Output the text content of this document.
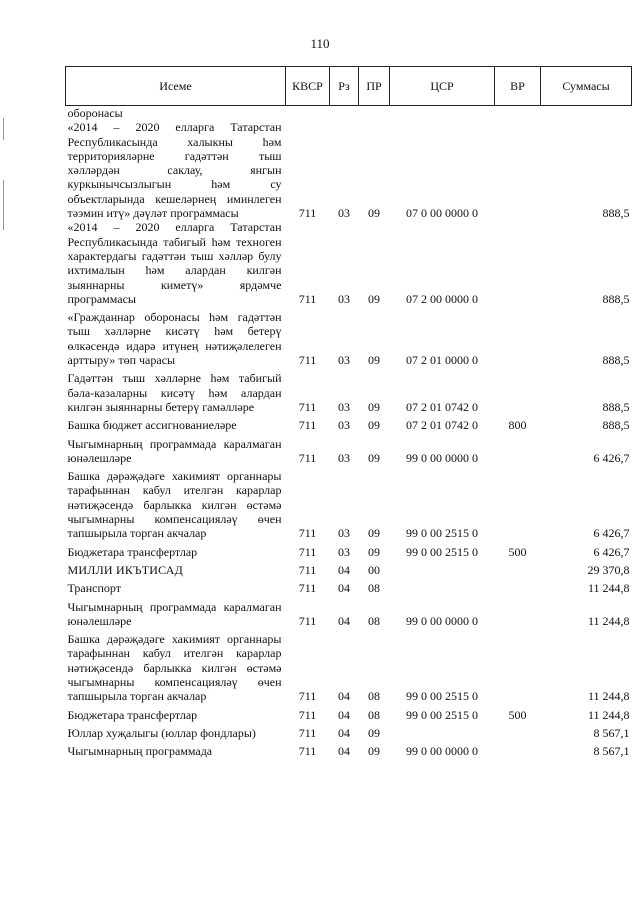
110
Исеме	КВСР	Рз	ПР	ЦСР	ВР	Суммасы
оборонасы						
«2014 – 2020 елларга Татарстан Республикасында халыкны һәм территорияләрне гадәттән тыш хәлләрдән саклау, янгын куркынычсызлыгын һәм су объектларында кешеләрнең иминлеген тәэмин итү» дәүләт программасы	711	03	09	07 0 00 0000 0		888,5
«2014 – 2020 елларга Татарстан Республикасында табигый һәм техноген характердагы гадәттән тыш хәлләр булу ихтималын һәм алардан килгән зыяннарны киметү» ярдәмче программасы	711	03	09	07 2 00 0000 0		888,5
«Гражданнар оборонасы һәм гадәттән тыш хәлләрне кисәтү һәм бетерү өлкәсендә идарә итүнең нәтиҗәлелеген арттыру» төп чарасы	711	03	09	07 2 01 0000 0		888,5
Гадәттән тыш хәлләрне һәм табигый бәла-казаларны кисәтү һәм алардан килгән зыяннарны бетерү гамәлләре	711	03	09	07 2 01 0742 0		888,5
Башка бюджет ассигнованиеләре	711	03	09	07 2 01 0742 0	800	888,5
Чыгымнарның программада каралмаган юнәлешләре	711	03	09	99 0 00 0000 0		6 426,7
Башка дәрәҗәдәге хакимият органнары тарафыннан кабул ителгән карарлар нәтиҗәсендә барлыкка килгән өстәмә чыгымнарны компенсацияләү өчен тапшырыла торган акчалар	711	03	09	99 0 00 2515 0		6 426,7
Бюджетара трансфертлар	711	03	09	99 0 00 2515 0	500	6 426,7
МИЛЛИ ИКЪТИСАД	711	04	00			29 370,8
Транспорт	711	04	08			11 244,8
Чыгымнарның программада каралмаган юнәлешләре	711	04	08	99 0 00 0000 0		11 244,8
Башка дәрәҗәдәге хакимият органнары тарафыннан кабул ителгән карарлар нәтиҗәсендә барлыкка килгән өстәмә чыгымнарны компенсацияләү өчен тапшырыла торган акчалар	711	04	08	99 0 00 2515 0		11 244,8
Бюджетара трансфертлар	711	04	08	99 0 00 2515 0	500	11 244,8
Юллар хуҗалыгы (юллар фондлары)	711	04	09			8 567,1
Чыгымнарның программада	711	04	09	99 0 00 0000 0		8 567,1
